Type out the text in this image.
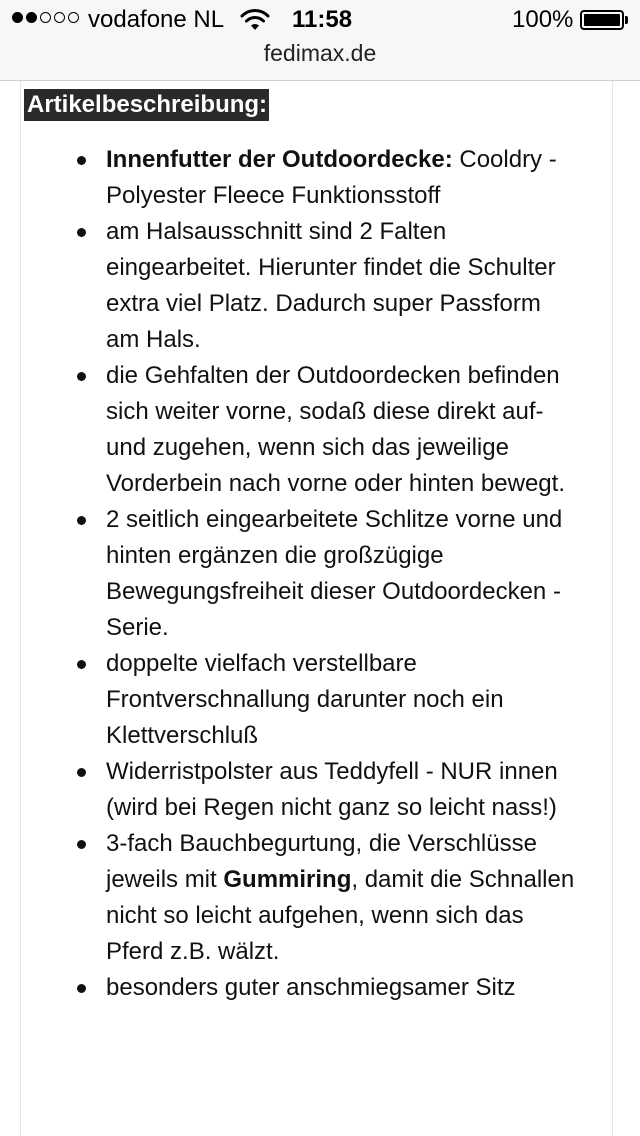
vodafone NL	11:58	100%
fedimax.de
Artikelbeschreibung:
Innenfutter der Outdoordecke: Cooldry - Polyester Fleece Funktionsstoff
am Halsausschnitt sind 2 Falten eingearbeitet. Hierunter findet die Schulter extra viel Platz. Dadurch super Passform am Hals.
die Gehfalten der Outdoordecken befinden sich weiter vorne, sodaß diese direkt auf- und zugehen, wenn sich das jeweilige Vorderbein nach vorne oder hinten bewegt.
2 seitlich eingearbeitete Schlitze vorne und hinten ergänzen die großzügige Bewegungsfreiheit dieser Outdoordecken - Serie.
doppelte vielfach verstellbare Frontverschnallung darunter noch ein Klettverschluß
Widerristpolster aus Teddyfell - NUR innen (wird bei Regen nicht ganz so leicht nass!)
3-fach Bauchbegurtung, die Verschlüsse jeweils mit Gummiring, damit die Schnallen nicht so leicht aufgehen, wenn sich das Pferd z.B. wälzt.
besonders guter anschmiegsamer Sitz
